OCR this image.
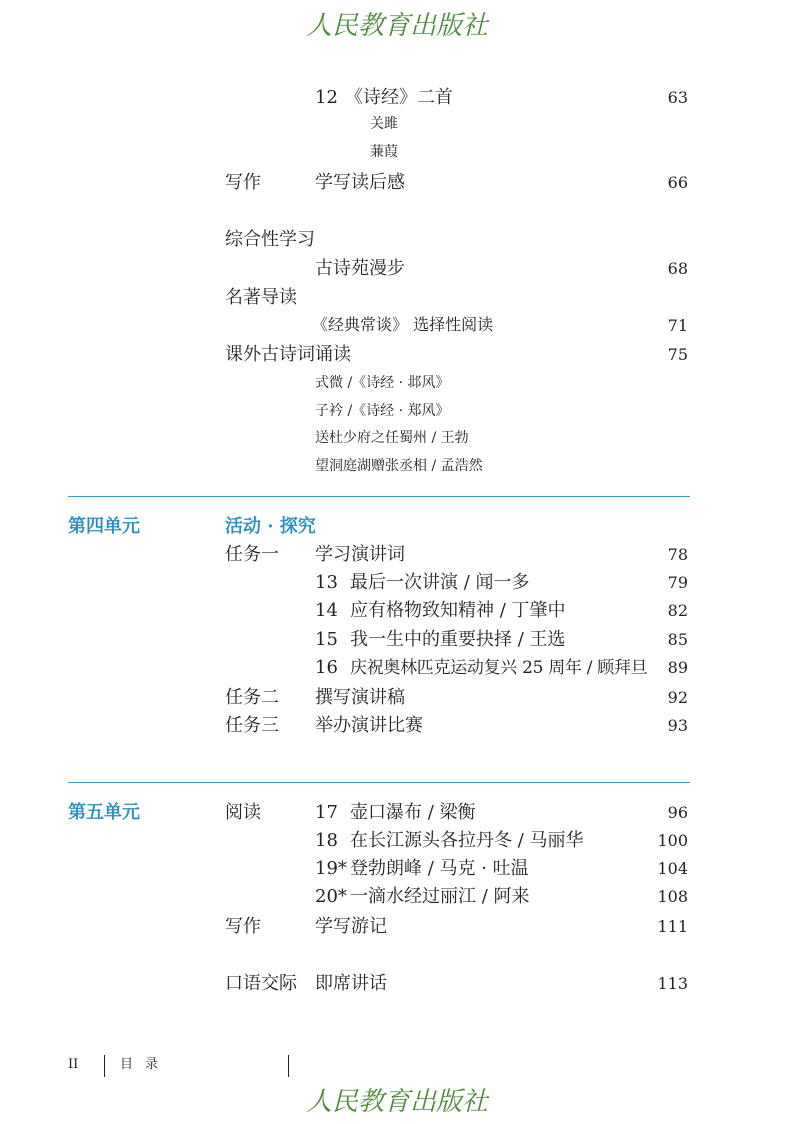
人民教育出版社
12 《诗经》二首	63
关雎
蒹葭
写作	学写读后感	66
综合性学习
古诗苑漫步	68
名著导读
《经典常谈》 选择性阅读	71
课外古诗词诵读	75
式微 /《诗经 · 邶风》
子衿 /《诗经 · 郑风》
送杜少府之任蜀州 / 王勃
望洞庭湖赠张丞相 / 孟浩然
第四单元	活动 · 探究
任务一 学习演讲词	78
13 最后一次讲演 / 闻一多	79
14 应有格物致知精神 / 丁肇中	82
15 我一生中的重要抉择 / 王选	85
16 庆祝奥林匹克运动复兴 25 周年 / 顾拜旦	89
任务二 撰写演讲稿	92
任务三 举办演讲比赛	93
第五单元	阅读	17 壶口瀑布 / 梁衡	96
18 在长江源头各拉丹冬 / 马丽华	100
19* 登勃朗峰 / 马克 · 吐温	104
20* 一滴水经过丽江 / 阿来	108
写作	学写游记	111
口语交际 即席讲话	113
II	目 录
人民教育出版社
